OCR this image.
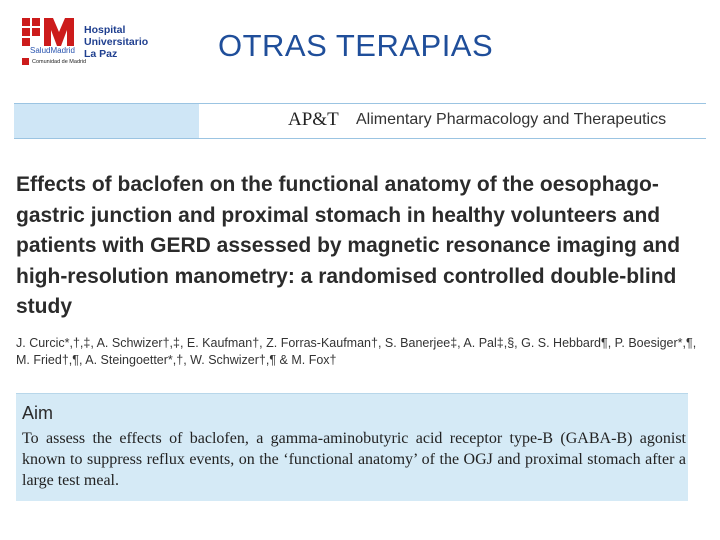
Hospital Universitario
La Paz
SaludMadrid
Comunidad de Madrid	OTRAS TERAPIAS
AP&T Alimentary Pharmacology and Therapeutics

Effects of baclofen on the functional anatomy of the oesophago-gastric junction and proximal stomach in healthy volunteers and patients with GERD assessed by magnetic resonance imaging and high-resolution manometry: a randomised controlled double-blind study

J. Curcic*,†,‡, A. Schwizer†,‡, E. Kaufman†, Z. Forras-Kaufman†, S. Banerjee‡, A. Pal‡,§, G. S. Hebbard¶, P. Boesiger*,¶, M. Fried†,¶, A. Steingoetter*,†, W. Schwizer†,¶ & M. Fox†

Aim

To assess the effects of baclofen, a gamma-aminobutyric acid receptor type-B (GABA-B) agonist known to suppress reflux events, on the ‘functional anatomy’ of the OGJ and proximal stomach after a large test meal.
